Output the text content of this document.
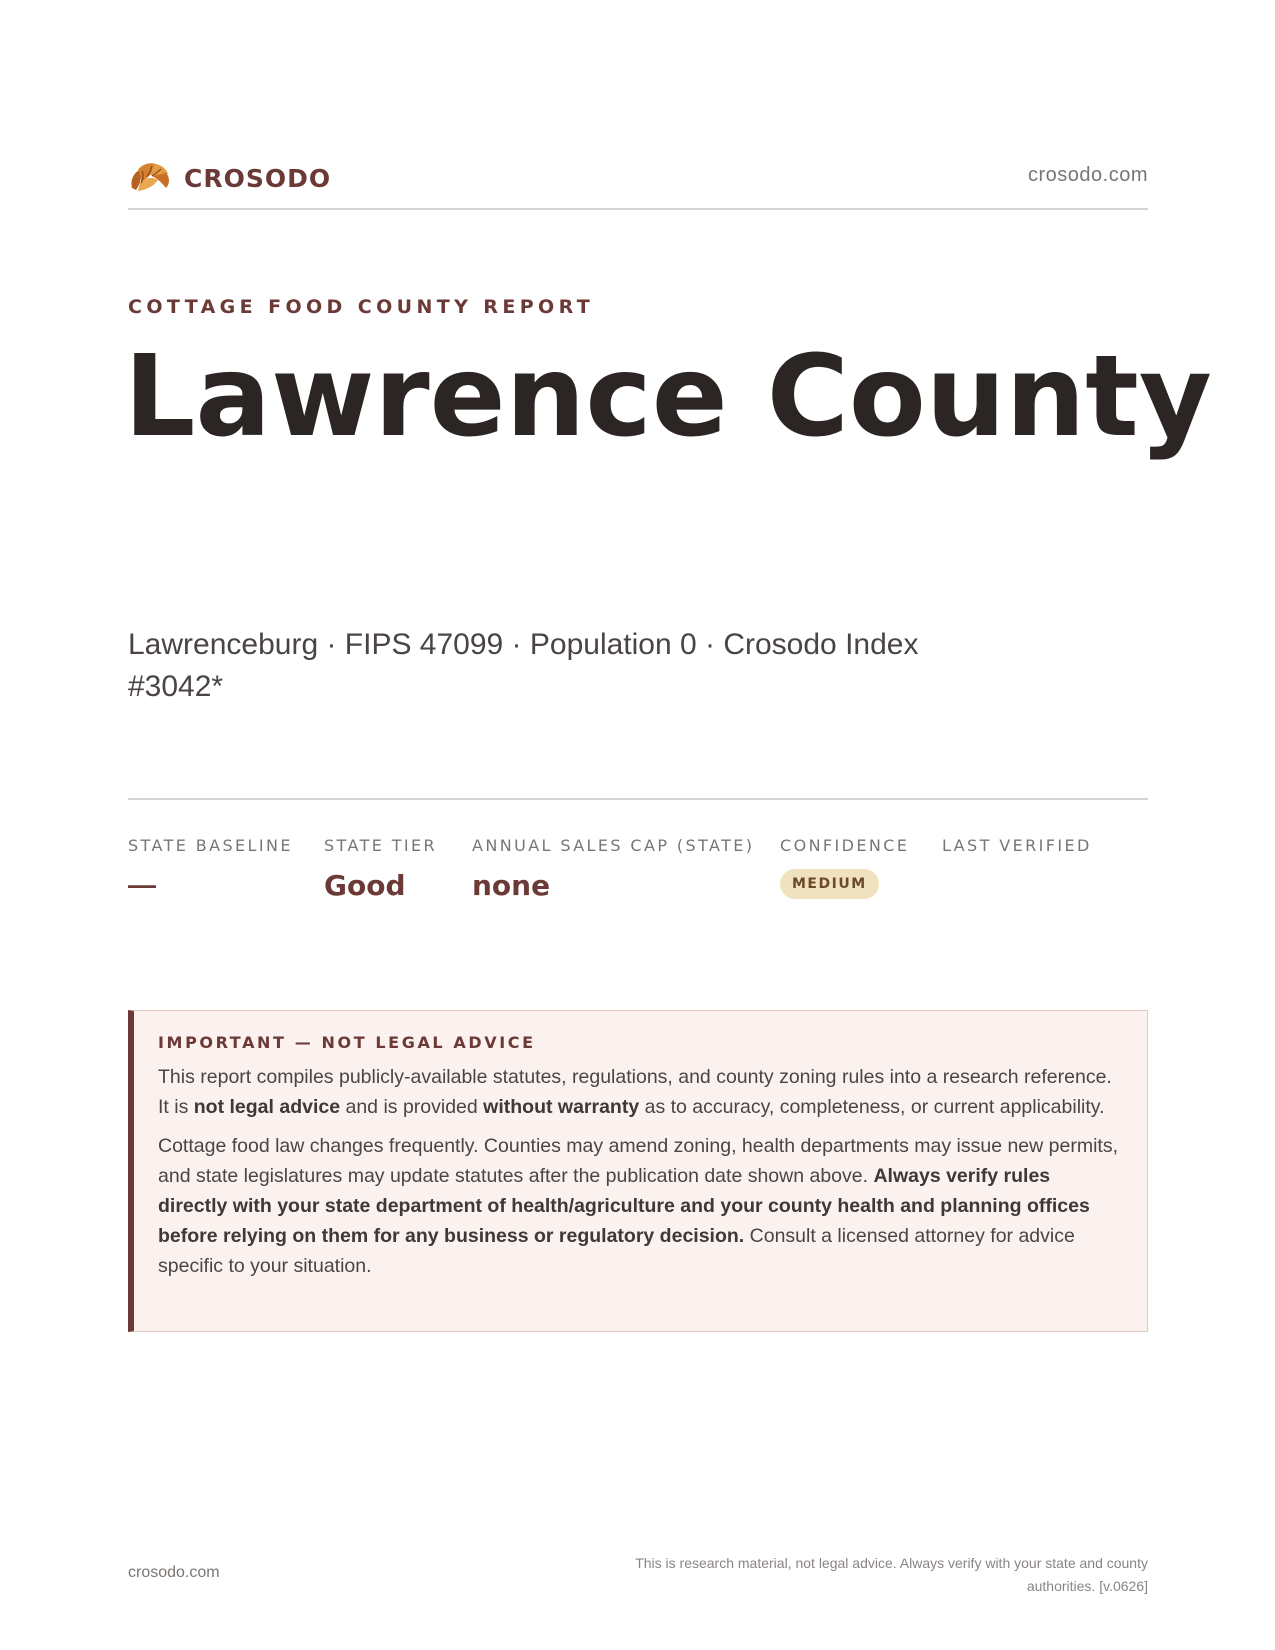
CROSODO	crosodo.com
COTTAGE FOOD COUNTY REPORT
Lawrence County
Lawrenceburg · FIPS 47099 · Population 0 · Crosodo Index #3042*
STATE BASELINE
—
STATE TIER
Good
ANNUAL SALES CAP (STATE)
none
CONFIDENCE
MEDIUM
LAST VERIFIED
IMPORTANT — NOT LEGAL ADVICE

This report compiles publicly-available statutes, regulations, and county zoning rules into a research reference. It is not legal advice and is provided without warranty as to accuracy, completeness, or current applicability.

Cottage food law changes frequently. Counties may amend zoning, health departments may issue new permits, and state legislatures may update statutes after the publication date shown above. Always verify rules directly with your state department of health/agriculture and your county health and planning offices before relying on them for any business or regulatory decision. Consult a licensed attorney for advice specific to your situation.

crosodo.com
This is research material, not legal advice. Always verify with your state and county authorities. [v.0626]
